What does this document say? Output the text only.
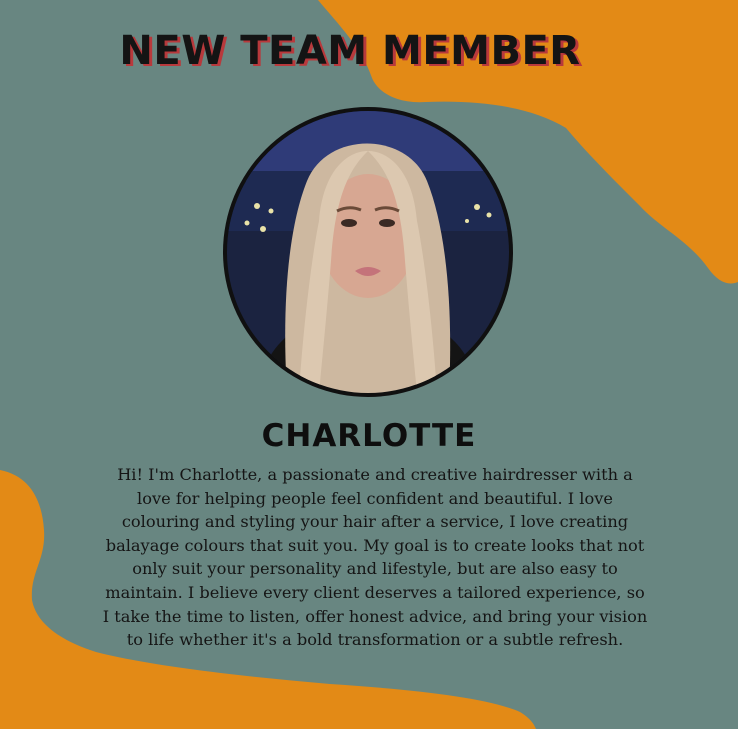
NEW TEAM MEMBER
CHARLOTTE

Hi! I'm Charlotte, a passionate and creative hairdresser with a love for helping people feel confident and beautiful. I love colouring and styling your hair after a service, I love creating balayage colours that suit you. My goal is to create looks that not only suit your personality and lifestyle, but are also easy to maintain. I believe every client deserves a tailored experience, so I take the time to listen, offer honest advice, and bring your vision to life whether it's a bold transformation or a subtle refresh.
